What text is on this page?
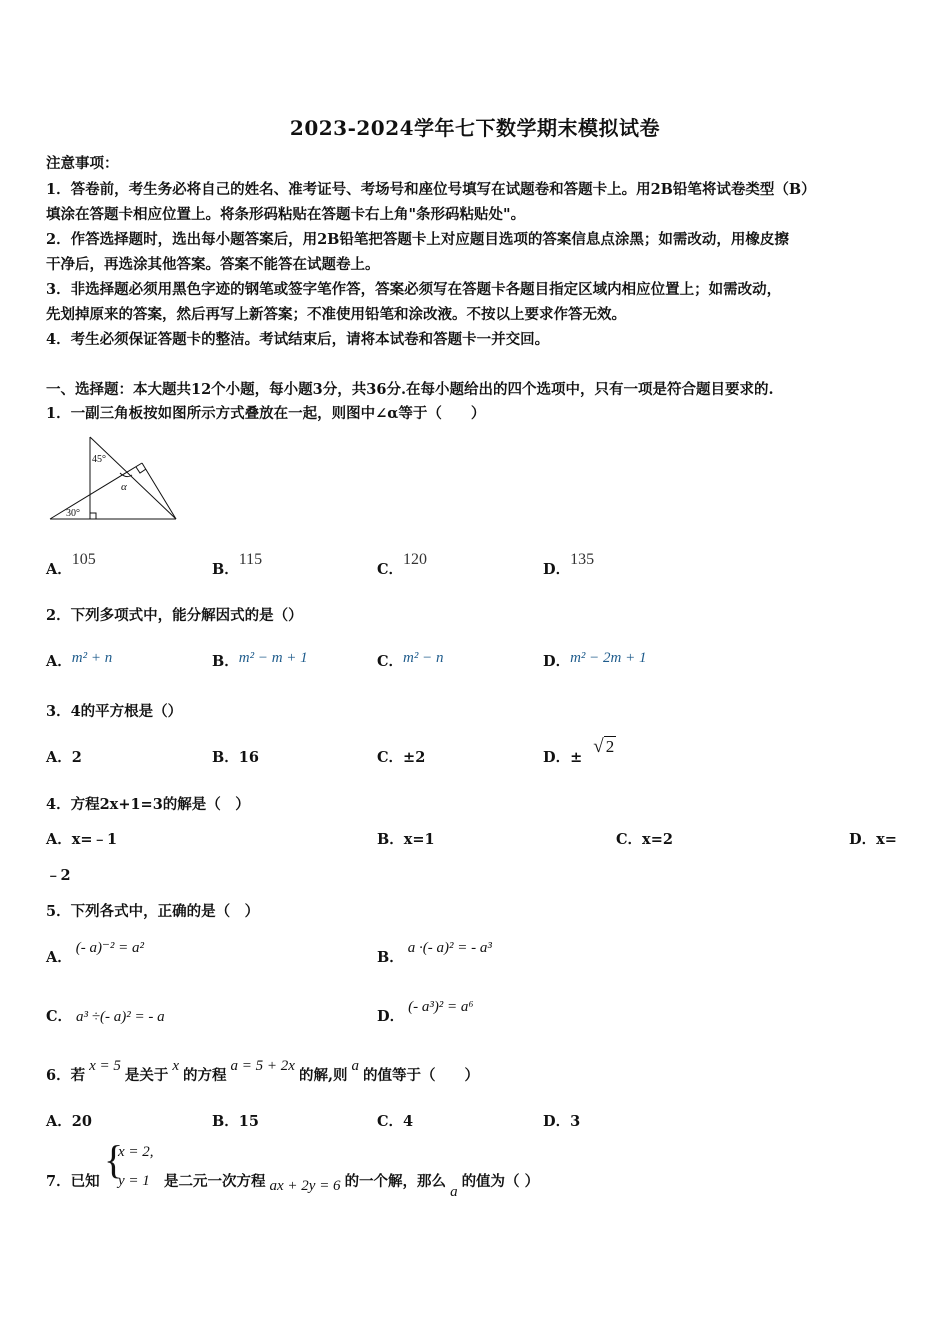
2023-2024学年七下数学期末模拟试卷
注意事项：
1．答卷前，考生务必将自己的姓名、准考证号、考场号和座位号填写在试题卷和答题卡上。用2B铅笔将试卷类型（B）
填涂在答题卡相应位置上。将条形码粘贴在答题卡右上角"条形码粘贴处"。
2．作答选择题时，选出每小题答案后，用2B铅笔把答题卡上对应题目选项的答案信息点涂黑；如需改动，用橡皮擦
干净后，再选涂其他答案。答案不能答在试题卷上。
3．非选择题必须用黑色字迹的钢笔或签字笔作答，答案必须写在答题卡各题目指定区域内相应位置上；如需改动，
先划掉原来的答案，然后再写上新答案；不准使用铅笔和涂改液。不按以上要求作答无效。
4．考生必须保证答题卡的整洁。考试结束后，请将本试卷和答题卡一并交回。
一、选择题：本大题共12个小题，每小题3分，共36分.在每小题给出的四个选项中，只有一项是符合题目要求的.
1．一副三角板按如图所示方式叠放在一起，则图中∠α等于（　　）
45°
α
30°
A．105
B．115
C．120
D．135
2．下列多项式中，能分解因式的是（）
A．m² + n	B．m² − m + 1	C．m² − n	D．m² − 2m + 1
3．4的平方根是（）
A．2	B．16	C．±2	D．± √ 2
4．方程2x+1=3的解是（　）
A．x=﹣1	B．x=1	C．x=2	D．x=
﹣2
5．下列各式中，正确的是（　）
A．(- a)⁻² = a²
B．a ·(- a)² = - a³
C． a³ ÷(- a)² = - a	D．(- a³)² = a⁶
6．若x = 5是关于x的方程a = 5 + 2x的解,则a的值等于（　　）
A．20	B．15	C．4	D．3
7．已知 {
x = 2,
y = 1 是二元一次方程 ax + 2y = 6 的一个解，那么a的值为（ ）
